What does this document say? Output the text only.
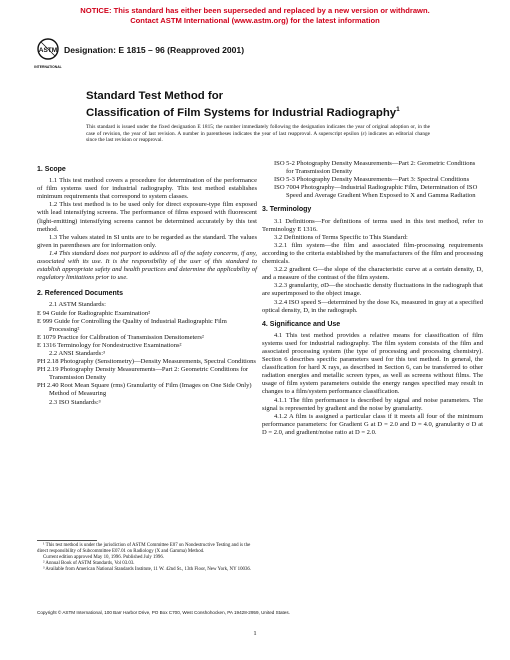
NOTICE: This standard has either been superseded and replaced by a new version or withdrawn.
Contact ASTM International (www.astm.org) for the latest information
ASTM
INTERNATIONAL
Designation: E 1815 – 96 (Reapproved 2001)
Standard Test Method for
Classification of Film Systems for Industrial Radiography$^1$
This standard is issued under the fixed designation E 1815; the number immediately following the designation indicates the year of original adoption or, in the case of revision, the year of last revision. A number in parentheses indicates the year of last reapproval. A superscript epsilon (ε) indicates an editorial change since the last revision or reapproval.

1. Scope

1.1 This test method covers a procedure for determination of the performance of film systems used for industrial radiography. This test method establishes minimum requirements that correspond to system classes.

1.2 This test method is to be used only for direct exposure-type film exposed with lead intensifying screens. The performance of films exposed with fluorescent (light-emitting) intensifying screens cannot be determined accurately by this test method.

1.3 The values stated in SI units are to be regarded as the standard. The values given in parentheses are for information only.

1.4 This standard does not purport to address all of the safety concerns, if any, associated with its use. It is the responsibility of the user of this standard to establish appropriate safety and health practices and determine the applicability of regulatory limitations prior to use.

2. Referenced Documents

2.1 ASTM Standards:

E 94 Guide for Radiographic Examination²

E 999 Guide for Controlling the Quality of Industrial Radiographic Film Processing²

E 1079 Practice for Calibration of Transmission Densitometers²

E 1316 Terminology for Nondestructive Examinations²

2.2 ANSI Standards:³

PH 2.18 Photography (Sensitometry)—Density Measurements, Spectral Conditions

PH 2.19 Photography Density Measurements—Part 2: Geometric Conditions for Transmission Density

PH 2.40 Root Mean Square (rms) Granularity of Film (Images on One Side Only) Method of Measuring

2.3 ISO Standards:³

¹ This test method is under the jurisdiction of ASTM Committee E07 on Nondestructive Testing and is the direct responsibility of Subcommittee E07.01 on Radiology (X and Gamma) Method.

Current edition approved May 10, 1996. Published July 1996.

² Annual Book of ASTM Standards, Vol 03.03.

³ Available from American National Standards Institute, 11 W. 42nd St., 13th Floor, New York, NY 10036.

ISO 5-2 Photography Density Measurements—Part 2: Geometric Conditions for Transmission Density

ISO 5-3 Photography Density Measurements—Part 3: Spectral Conditions

ISO 7004 Photography—Industrial Radiographic Film, Determination of ISO Speed and Average Gradient When Exposed to X and Gamma Radiation

3. Terminology

3.1 Definitions—For definitions of terms used in this test method, refer to Terminology E 1316.

3.2 Definitions of Terms Specific to This Standard:

3.2.1 film system—the film and associated film-processing requirements according to the criteria established by the manufacturers of the film and processing chemicals.

3.2.2 gradient G—the slope of the characteristic curve at a certain density, D, and a measure of the contrast of the film system.

3.2.3 granularity, σD—the stochastic density fluctuations in the radiograph that are superimposed to the object image.

3.2.4 ISO speed S—determined by the dose Ks, measured in gray at a specified optical density, D, in the radiograph.

4. Significance and Use

4.1 This test method provides a relative means for classification of film systems used for industrial radiography. The film system consists of the film and associated processing system (the type of processing and processing chemistry). Section 6 describes specific parameters used for this test method. In general, the classification for hard X rays, as described in Section 6, can be transferred to other radiation energies and metallic screen types, as well as screens without films. The usage of film system parameters outside the energy ranges specified may result in changes to a film/system performance classification.

4.1.1 The film performance is described by signal and noise parameters. The signal is represented by gradient and the noise by granularity.

4.1.2 A film is assigned a particular class if it meets all four of the minimum performance parameters: for Gradient G at D = 2.0 and D = 4.0, granularity σ D at D = 2.0, and gradient/noise ratio at D = 2.0.

Copyright © ASTM International, 100 Barr Harbor Drive, PO Box C700, West Conshohocken, PA 19428-2959, United States.
1
